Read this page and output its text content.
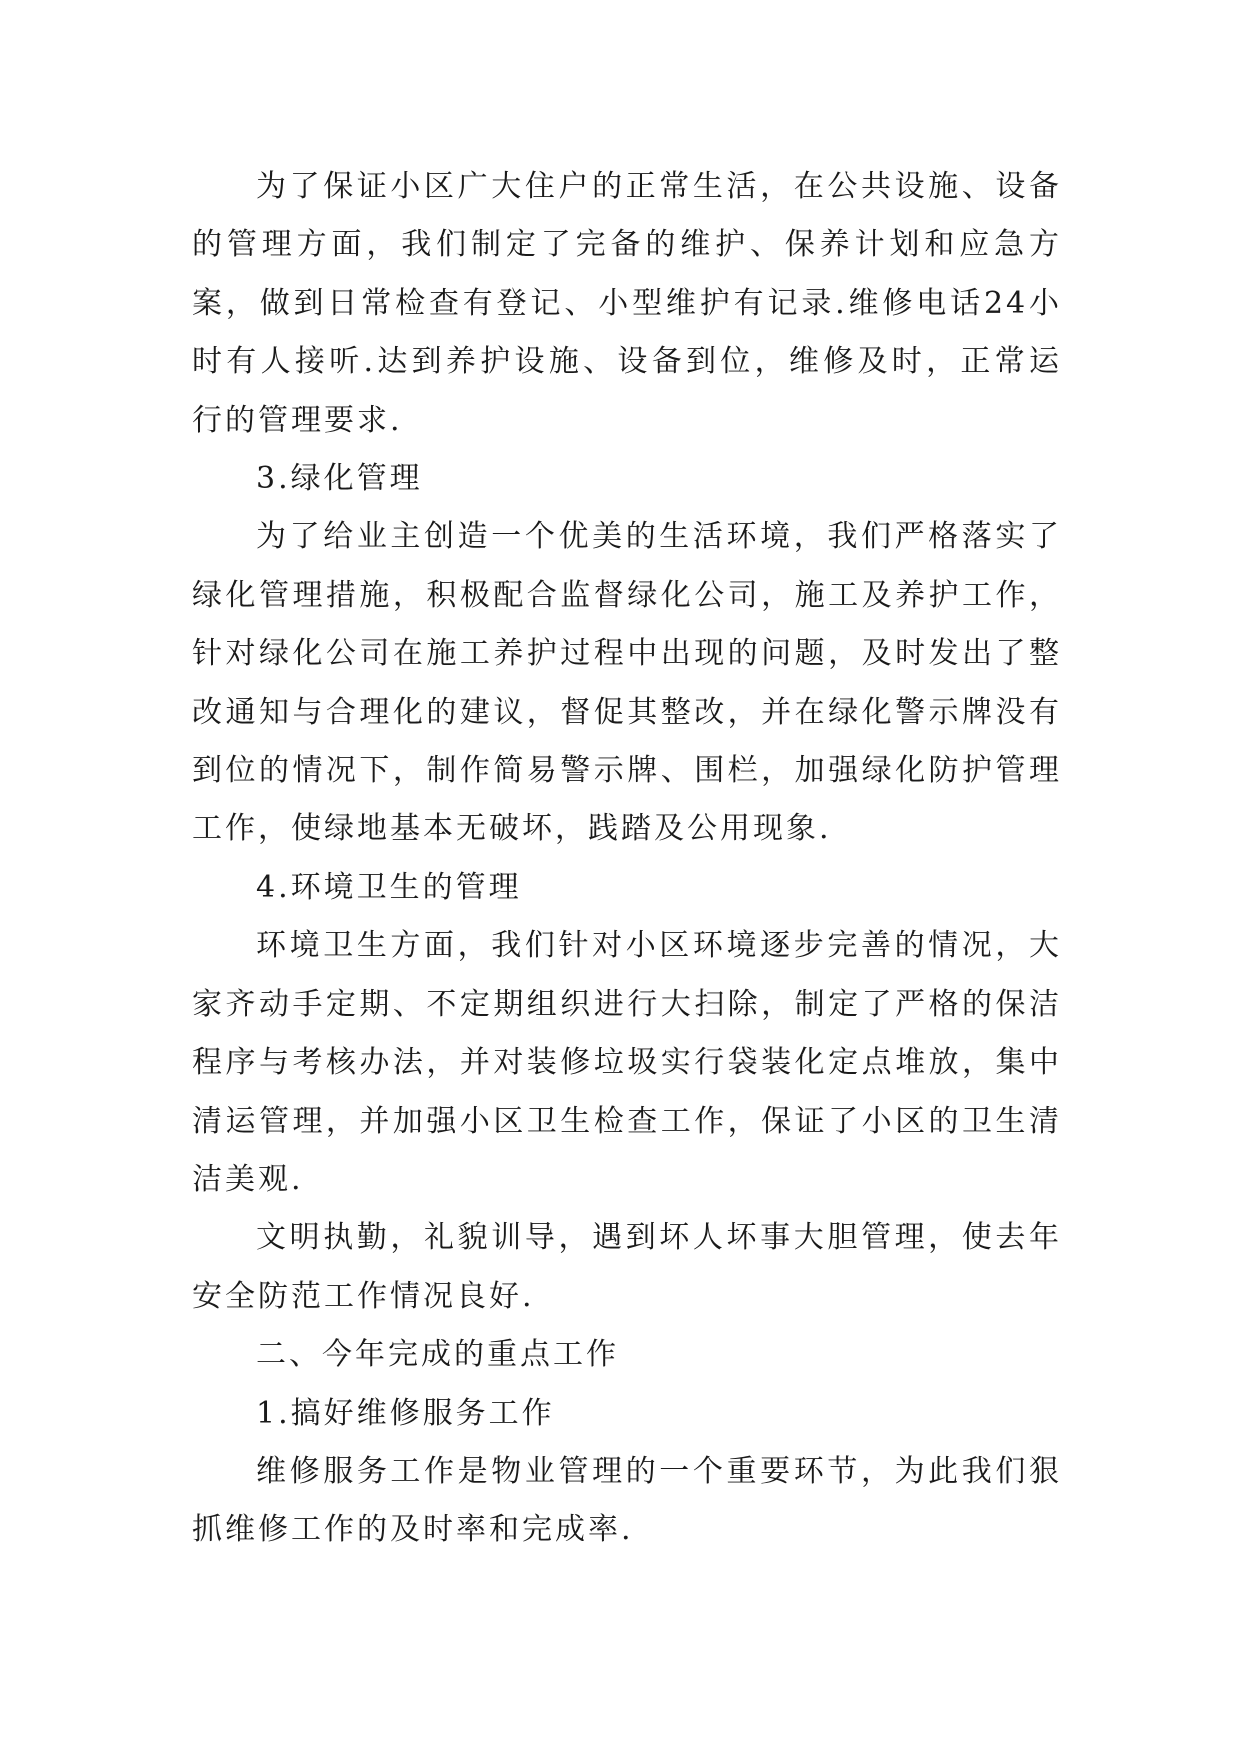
为了保证小区广大住户的正常生活，在公共设施、设备的管理方面，我们制定了完备的维护、保养计划和应急方案，做到日常检查有登记、小型维护有记录.维修电话24小时有人接听.达到养护设施、设备到位，维修及时，正常运行的管理要求.

3.绿化管理

为了给业主创造一个优美的生活环境，我们严格落实了绿化管理措施，积极配合监督绿化公司，施工及养护工作，针对绿化公司在施工养护过程中出现的问题，及时发出了整改通知与合理化的建议，督促其整改，并在绿化警示牌没有到位的情况下，制作简易警示牌、围栏，加强绿化防护管理工作，使绿地基本无破坏，践踏及公用现象.

4.环境卫生的管理

环境卫生方面，我们针对小区环境逐步完善的情况，大家齐动手定期、不定期组织进行大扫除，制定了严格的保洁程序与考核办法，并对装修垃圾实行袋装化定点堆放，集中清运管理，并加强小区卫生检查工作，保证了小区的卫生清洁美观.

文明执勤，礼貌训导，遇到坏人坏事大胆管理，使去年安全防范工作情况良好.

二、今年完成的重点工作

1.搞好维修服务工作

维修服务工作是物业管理的一个重要环节，为此我们狠抓维修工作的及时率和完成率.
